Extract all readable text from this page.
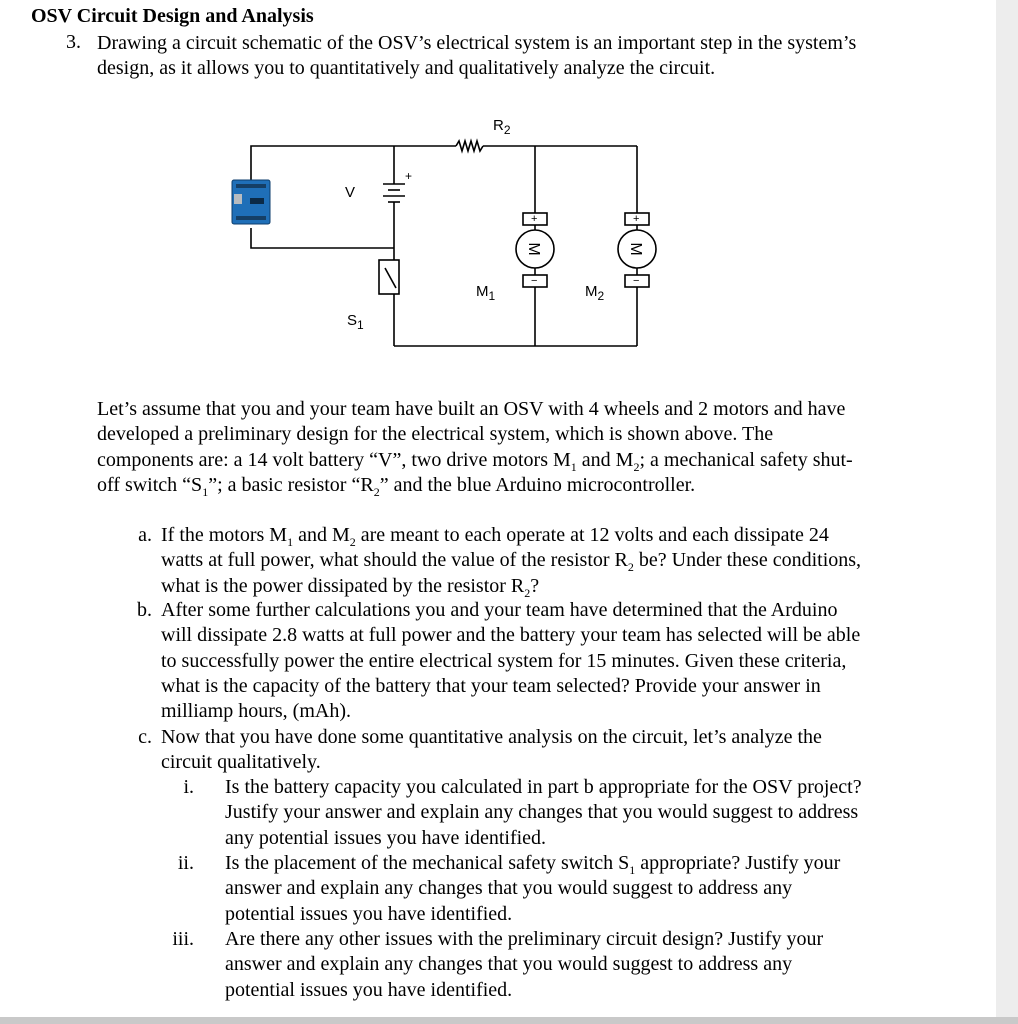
OSV Circuit Design and Analysis
3. Drawing a circuit schematic of the OSV’s electrical system is an important step in the system’s design, as it allows you to quantitatively and qualitatively analyze the circuit.
+
+	+
−	−
M	M
$R_2$
V
$M_1$	$M_2$
$S_1$
Let’s assume that you and your team have built an OSV with 4 wheels and 2 motors and have developed a preliminary design for the electrical system, which is shown above. The components are: a 14 volt battery “V”, two drive motors $M_1$ and $M_2$; a mechanical safety shut-off switch “$S_1$”; a basic resistor “$R_2$” and the blue Arduino microcontroller.
a. If the motors $M_1$ and $M_2$ are meant to each operate at 12 volts and each dissipate 24 watts at full power, what should the value of the resistor $R_2$ be? Under these conditions, what is the power dissipated by the resistor $R_2$?
b. After some further calculations you and your team have determined that the Arduino will dissipate 2.8 watts at full power and the battery your team has selected will be able to successfully power the entire electrical system for 15 minutes. Given these criteria, what is the capacity of the battery that your team selected? Provide your answer in milliamp hours, (mAh).
c. Now that you have done some quantitative analysis on the circuit, let’s analyze the circuit qualitatively.
i. Is the battery capacity you calculated in part b appropriate for the OSV project? Justify your answer and explain any changes that you would suggest to address any potential issues you have identified.
ii. Is the placement of the mechanical safety switch $S_1$ appropriate? Justify your answer and explain any changes that you would suggest to address any potential issues you have identified.
iii. Are there any other issues with the preliminary circuit design? Justify your answer and explain any changes that you would suggest to address any potential issues you have identified.
